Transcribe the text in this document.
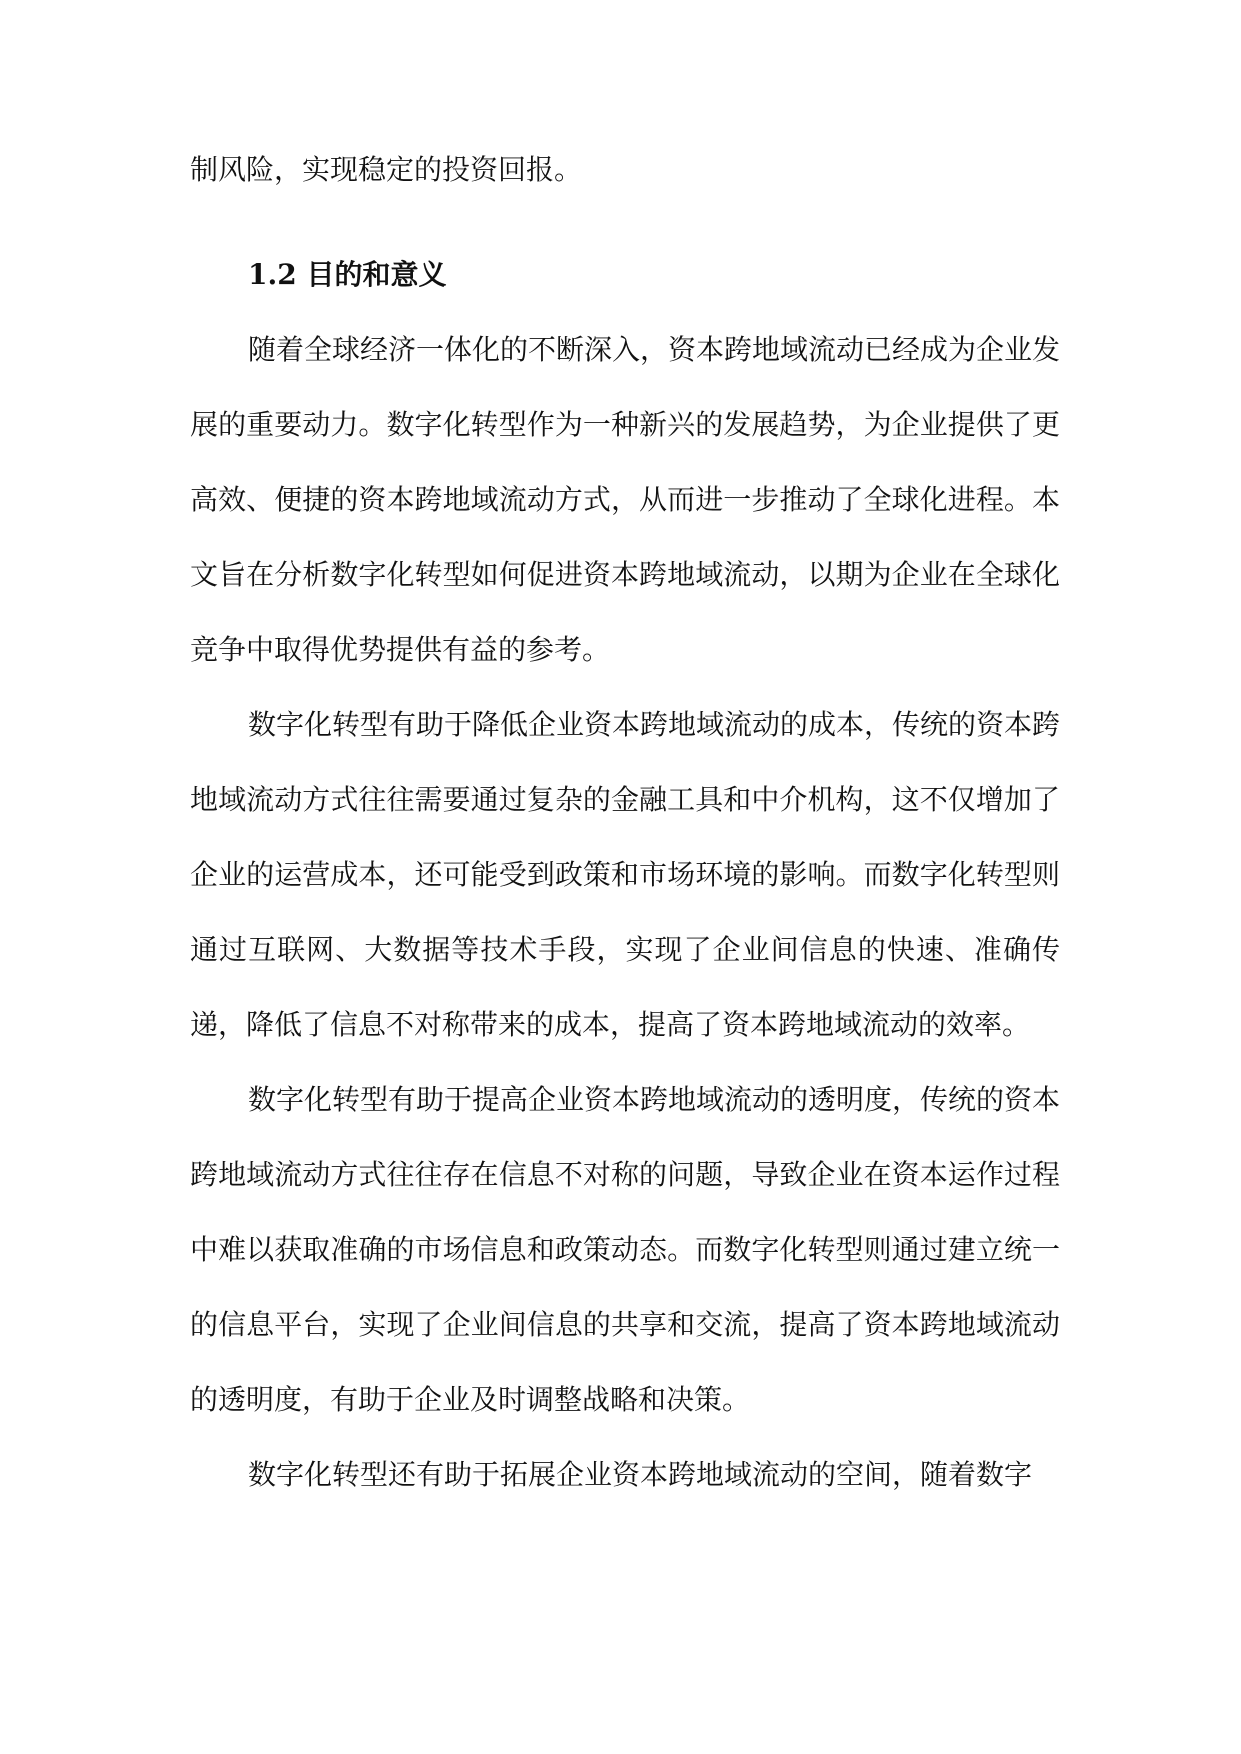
制风险，实现稳定的投资回报。

1.2 目的和意义

随着全球经济一体化的不断深入，资本跨地域流动已经成为企业发展的重要动力。数字化转型作为一种新兴的发展趋势，为企业提供了更高效、便捷的资本跨地域流动方式，从而进一步推动了全球化进程。本文旨在分析数字化转型如何促进资本跨地域流动，以期为企业在全球化竞争中取得优势提供有益的参考。

数字化转型有助于降低企业资本跨地域流动的成本，传统的资本跨地域流动方式往往需要通过复杂的金融工具和中介机构，这不仅增加了企业的运营成本，还可能受到政策和市场环境的影响。而数字化转型则通过互联网、大数据等技术手段，实现了企业间信息的快速、准确传递，降低了信息不对称带来的成本，提高了资本跨地域流动的效率。

数字化转型有助于提高企业资本跨地域流动的透明度，传统的资本跨地域流动方式往往存在信息不对称的问题，导致企业在资本运作过程中难以获取准确的市场信息和政策动态。而数字化转型则通过建立统一的信息平台，实现了企业间信息的共享和交流，提高了资本跨地域流动的透明度，有助于企业及时调整战略和决策。

数字化转型还有助于拓展企业资本跨地域流动的空间，随着数字
